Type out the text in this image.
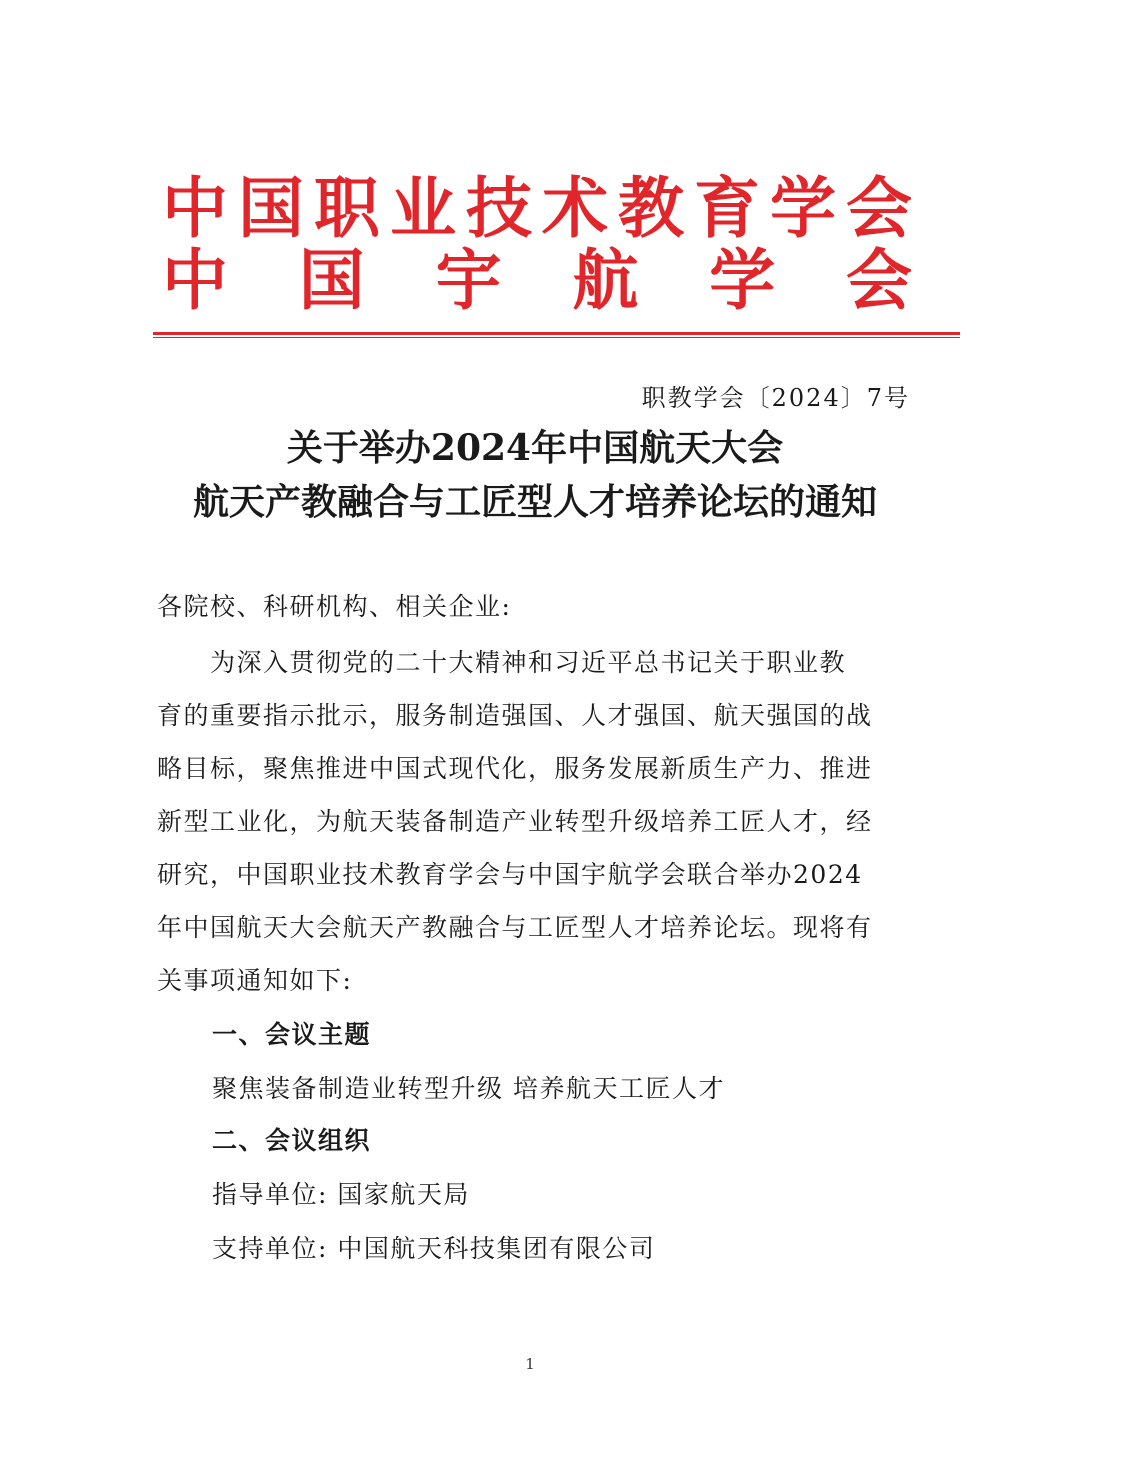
中 国 职 业 技 术 教 育 学 会
中 国 宇 航 学 会
职教学会〔2024〕7号
关于举办2024年中国航天大会
航天产教融合与工匠型人才培养论坛的通知
各院校、科研机构、相关企业:
　　为深入贯彻党的二十大精神和习近平总书记关于职业教
育的重要指示批示，服务制造强国、人才强国、航天强国的战
略目标，聚焦推进中国式现代化，服务发展新质生产力、推进
新型工业化，为航天装备制造产业转型升级培养工匠人才，经
研究，中国职业技术教育学会与中国宇航学会联合举办2024
年中国航天大会航天产教融合与工匠型人才培养论坛。现将有
关事项通知如下:
一、会议主题
聚焦装备制造业转型升级 培养航天工匠人才
二、会议组织
指导单位: 国家航天局
支持单位: 中国航天科技集团有限公司
1
